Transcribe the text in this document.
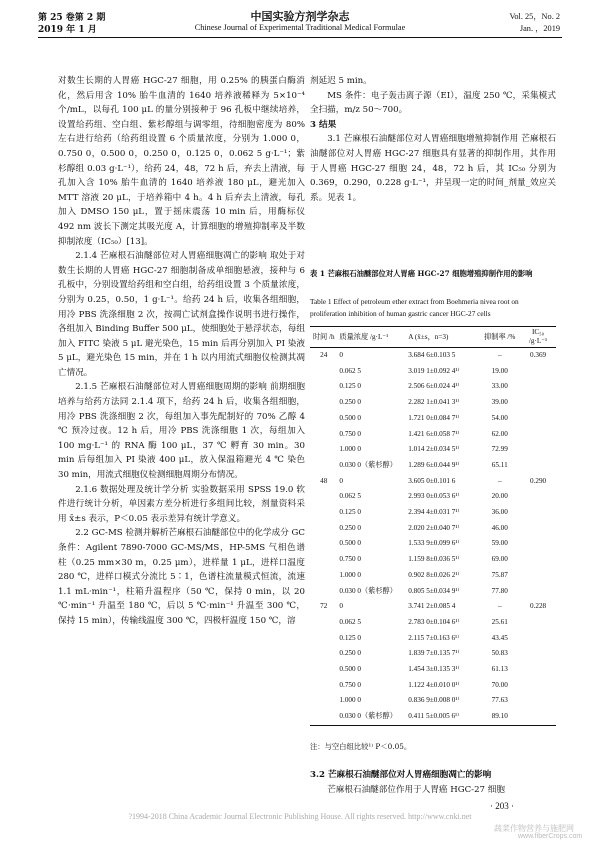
第 25 卷第 2 期
2019 年 1 月
中国实验方剂学杂志
Chinese Journal of Experimental Traditional Medical Formulae
Vol. 25，No. 2
Jan. ，2019

对数生长期的人胃癌 HGC-27 细胞，用 0.25% 的胰蛋白酶消化，然后用含 10% 胎牛血清的 1640 培养液稀释为 5×10⁻⁴ 个/mL，以每孔 100 μL 的量分别接种于 96 孔板中继续培养，设置给药组、空白组、紫杉醇组与调零组，待细胞密度为 80% 左右进行给药（给药组设置 6 个质量浓度，分别为 1.000 0，0.750 0，0.500 0，0.250 0，0.125 0，0.062 5 g·L⁻¹；紫杉醇组 0.03 g·L⁻¹），给药 24，48，72 h 后，弃去上清液，每孔加入含 10% 胎牛血清的 1640 培养液 180 μL，避光加入 MTT 溶液 20 μL，于培养箱中 4 h。4 h 后弃去上清液，每孔加入 DMSO 150 μL，置于摇床震荡 10 min 后，用酶标仪 492 nm 波长下测定其吸光度 A，计算细胞的增殖抑制率及半数抑制浓度（IC₅₀）[13]。

2.1.4 芒麻根石油醚部位对人胃癌细胞凋亡的影响 取处于对数生长期的人胃癌 HGC-27 细胞制备成单细胞悬液，接种与 6 孔板中，分别设置给药组和空白组，给药组设置 3 个质量浓度，分别为 0.25，0.50，1 g·L⁻¹。给药 24 h 后，收集各组细胞，用冷 PBS 洗涤细胞 2 次，按凋亡试剂盒操作说明书进行操作，各组加入 Binding Buffer 500 μL，使细胞处于悬浮状态，每组加入 FITC 染液 5 μL 避光染色，15 min 后再分别加入 PI 染液 5 μL，避光染色 15 min，并在 1 h 以内用流式细胞仪检测其凋亡情况。

2.1.5 芒麻根石油醚部位对人胃癌细胞周期的影响 前期细胞培养与给药方法同 2.1.4 项下，给药 24 h 后，收集各组细胞，用冷 PBS 洗涤细胞 2 次，每组加入事先配制好的 70% 乙醇 4 ℃ 预冷过夜。12 h 后，用冷 PBS 洗涤细胞 1 次，每组加入 100 mg·L⁻¹ 的 RNA 酶 100 μL，37 ℃ 孵育 30 min。30 min 后每组加入 PI 染液 400 μL，放入保温箱避光 4 ℃ 染色 30 min，用流式细胞仪检测细胞周期分布情况。

2.1.6 数据处理及统计学分析 实验数据采用 SPSS 19.0 软件进行统计分析，单因素方差分析进行多组间比较，剂量资料采用 x̄±s 表示，P＜0.05 表示差异有统计学意义。

2.2 GC-MS 检测并解析芒麻根石油醚部位中的化学成分 GC 条件：Agilent 7890-7000 GC-MS/MS，HP-5MS 气相色谱柱（0.25 mm×30 m，0.25 μm），进样量 1 μL，进样口温度 280 ℃，进样口模式分流比 5∶1，色谱柱流量模式恒流，流速 1.1 mL·min⁻¹，柱箱升温程序（50 ℃，保持 0 min，以 20 ℃·min⁻¹ 升温至 180 ℃，后以 5 ℃·min⁻¹ 升温至 300 ℃，保持 15 min），传输线温度 300 ℃，四极杆温度 150 ℃，溶

剂延迟 5 min。

MS 条件：电子轰击离子源（EI），温度 250 ℃，采集模式全扫描，m/z 50～700。

3 结果

3.1 芒麻根石油醚部位对人胃癌细胞增殖抑制作用 芒麻根石油醚部位对人胃癌 HGC-27 细胞具有显著的抑制作用，其作用于人胃癌 HGC-27 细胞 24，48，72 h 后，其 IC₅₀ 分别为 0.369，0.290，0.228 g·L⁻¹，并呈现一定的时间_剂量_效应关系。见表 1。

表 1 芒麻根石油醚部位对人胃癌 HGC-27 细胞增殖抑制作用的影响
Table 1 Effect of petroleum ether extract from Boehmeria nivea root on proliferation inhibition of human gastric cancer HGC-27 cells
时间 /h	质量浓度 /g·L⁻¹	A (x̄±s，n=3)	抑制率 /%	IC₅₀ /g·L⁻¹
24	0	3.684 6±0.103 5	–	0.369
	0.062 5	3.019 1±0.092 4¹⁾	19.00	
	0.125 0	2.506 6±0.024 4¹⁾	33.00	
	0.250 0	2.282 1±0.041 3¹⁾	39.00	
	0.500 0	1.721 0±0.084 7¹⁾	54.00	
	0.750 0	1.421 6±0.058 7¹⁾	62.00	
	1.000 0	1.014 2±0.034 5¹⁾	72.99	
	0.030 0（紫杉醇）	1.289 6±0.044 9¹⁾	65.11	
48	0	3.605 0±0.101 6	–	0.290
	0.062 5	2.993 0±0.053 6¹⁾	20.00	
	0.125 0	2.394 4±0.031 7¹⁾	36.00	
	0.250 0	2.020 2±0.040 7¹⁾	46.00	
	0.500 0	1.533 9±0.099 6¹⁾	59.00	
	0.750 0	1.159 8±0.036 5¹⁾	69.00	
	1.000 0	0.902 8±0.026 2¹⁾	75.87	
	0.030 0（紫杉醇）	0.805 5±0.034 9¹⁾	77.80	
72	0	3.741 2±0.085 4	–	0.228
	0.062 5	2.783 0±0.104 6¹⁾	25.61	
	0.125 0	2.115 7±0.163 6¹⁾	43.45	
	0.250 0	1.839 7±0.135 7¹⁾	50.83	
	0.500 0	1.454 3±0.135 3¹⁾	61.13	
	0.750 0	1.122 4±0.010 0¹⁾	70.00	
	1.000 0	0.836 9±0.008 0¹⁾	77.63	
	0.030 0（紫杉醇）	0.411 5±0.005 6¹⁾	89.10	
注：与空白组比较¹⁾ P＜0.05。
3.2 芒麻根石油醚部位对人胃癌细胞凋亡的影响
芒麻根石油醚部位作用于人胃癌 HGC-27 细胞
· 203 ·
?1994-2018 China Academic Journal Electronic Publishing House. All rights reserved. http://www.cnki.net
蔬菜作物营养与施肥网
www.fiberCrops.com
